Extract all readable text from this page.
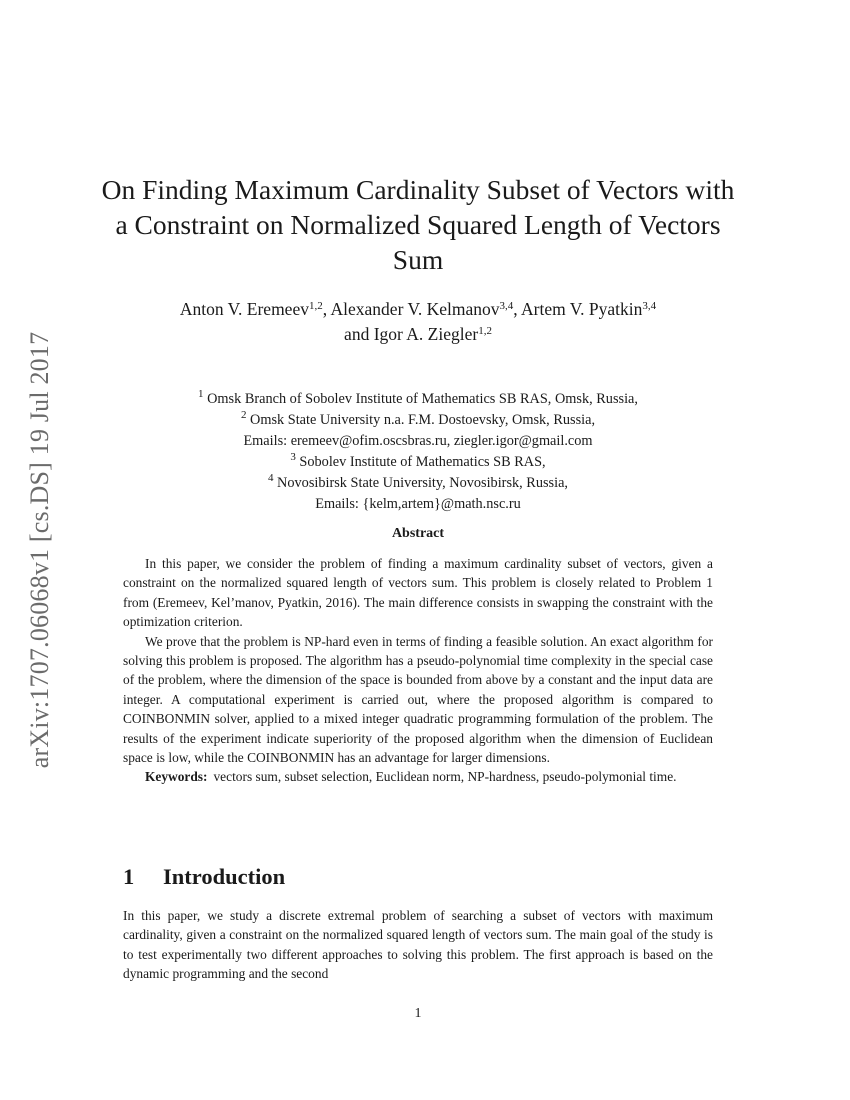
arXiv:1707.06068v1 [cs.DS] 19 Jul 2017
On Finding Maximum Cardinality Subset of Vectors with
a Constraint on Normalized Squared Length of Vectors
Sum
Anton V. Eremeev$^{1,2}$, Alexander V. Kelmanov$^{3,4}$, Artem V. Pyatkin$^{3,4}$
and Igor A. Ziegler$^{1,2}$
$^1$ Omsk Branch of Sobolev Institute of Mathematics SB RAS, Omsk, Russia,
$^2$ Omsk State University n.a. F.M. Dostoevsky, Omsk, Russia,
Emails: eremeev@ofim.oscsbras.ru, ziegler.igor@gmail.com
$^3$ Sobolev Institute of Mathematics SB RAS,
$^4$ Novosibirsk State University, Novosibirsk, Russia,
Emails: {kelm,artem}@math.nsc.ru
Abstract

In this paper, we consider the problem of finding a maximum cardinality subset of vectors, given a constraint on the normalized squared length of vectors sum. This problem is closely related to Problem 1 from (Eremeev, Kel’manov, Pyatkin, 2016). The main difference consists in swapping the constraint with the optimization criterion.

We prove that the problem is NP-hard even in terms of finding a feasible solution. An exact algorithm for solving this problem is proposed. The algorithm has a pseudo-polynomial time complexity in the special case of the problem, where the dimension of the space is bounded from above by a constant and the input data are integer. A computational experiment is carried out, where the proposed algorithm is compared to COINBONMIN solver, applied to a mixed integer quadratic programming formulation of the problem. The results of the experiment indicate superiority of the proposed algorithm when the dimension of Euclidean space is low, while the COINBONMIN has an advantage for larger dimensions.

Keywords: vectors sum, subset selection, Euclidean norm, NP-hardness, pseudo-polymonial time.

1 Introduction

In this paper, we study a discrete extremal problem of searching a subset of vectors with maximum cardinality, given a constraint on the normalized squared length of vectors sum. The main goal of the study is to test experimentally two different approaches to solving this problem. The first approach is based on the dynamic programming and the second

1
